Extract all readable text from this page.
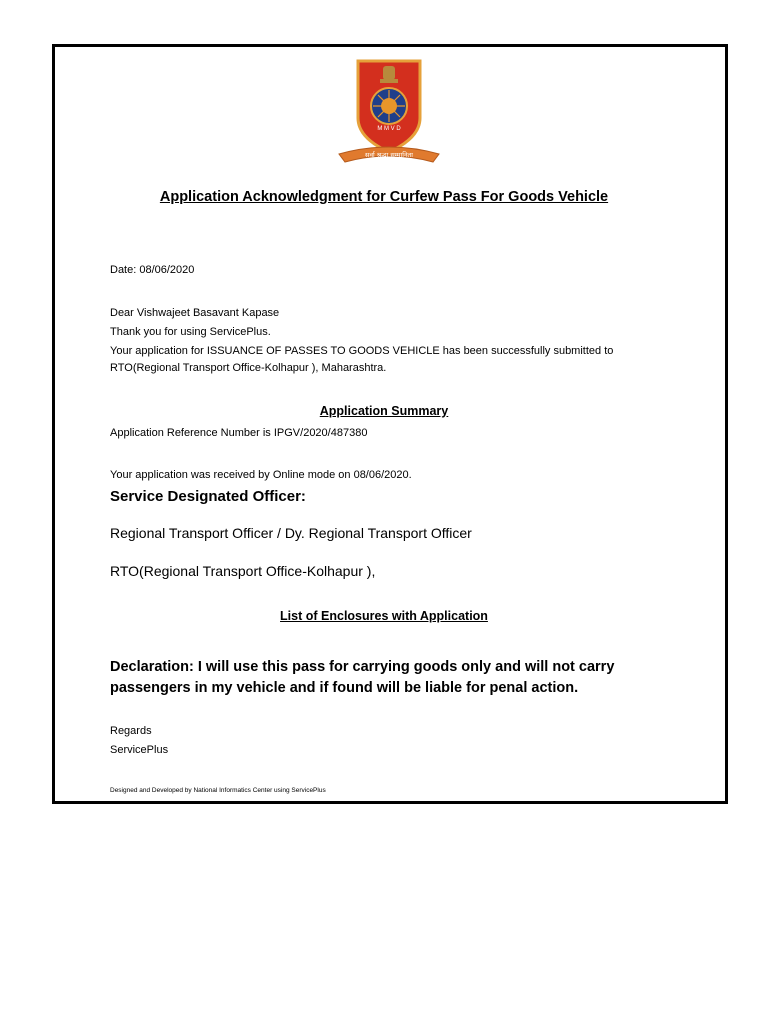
M M V D
सर्वा श्रद्धा सम्मानिता
Application Acknowledgment for Curfew Pass For Goods Vehicle
Date: 08/06/2020
Dear Vishwajeet Basavant Kapase
Thank you for using ServicePlus.
Your application for ISSUANCE OF PASSES TO GOODS VEHICLE has been successfully submitted to
RTO(Regional Transport Office-Kolhapur ), Maharashtra.
Application Summary
Application Reference Number is IPGV/2020/487380
Your application was received by Online mode on 08/06/2020.
Service Designated Officer:
Regional Transport Officer / Dy. Regional Transport Officer
RTO(Regional Transport Office-Kolhapur ),
List of Enclosures with Application
Declaration: I will use this pass for carrying goods only and will not carry passengers in my vehicle and if found will be liable for penal action.
Regards
ServicePlus
Designed and Developed by National Informatics Center using ServicePlus
